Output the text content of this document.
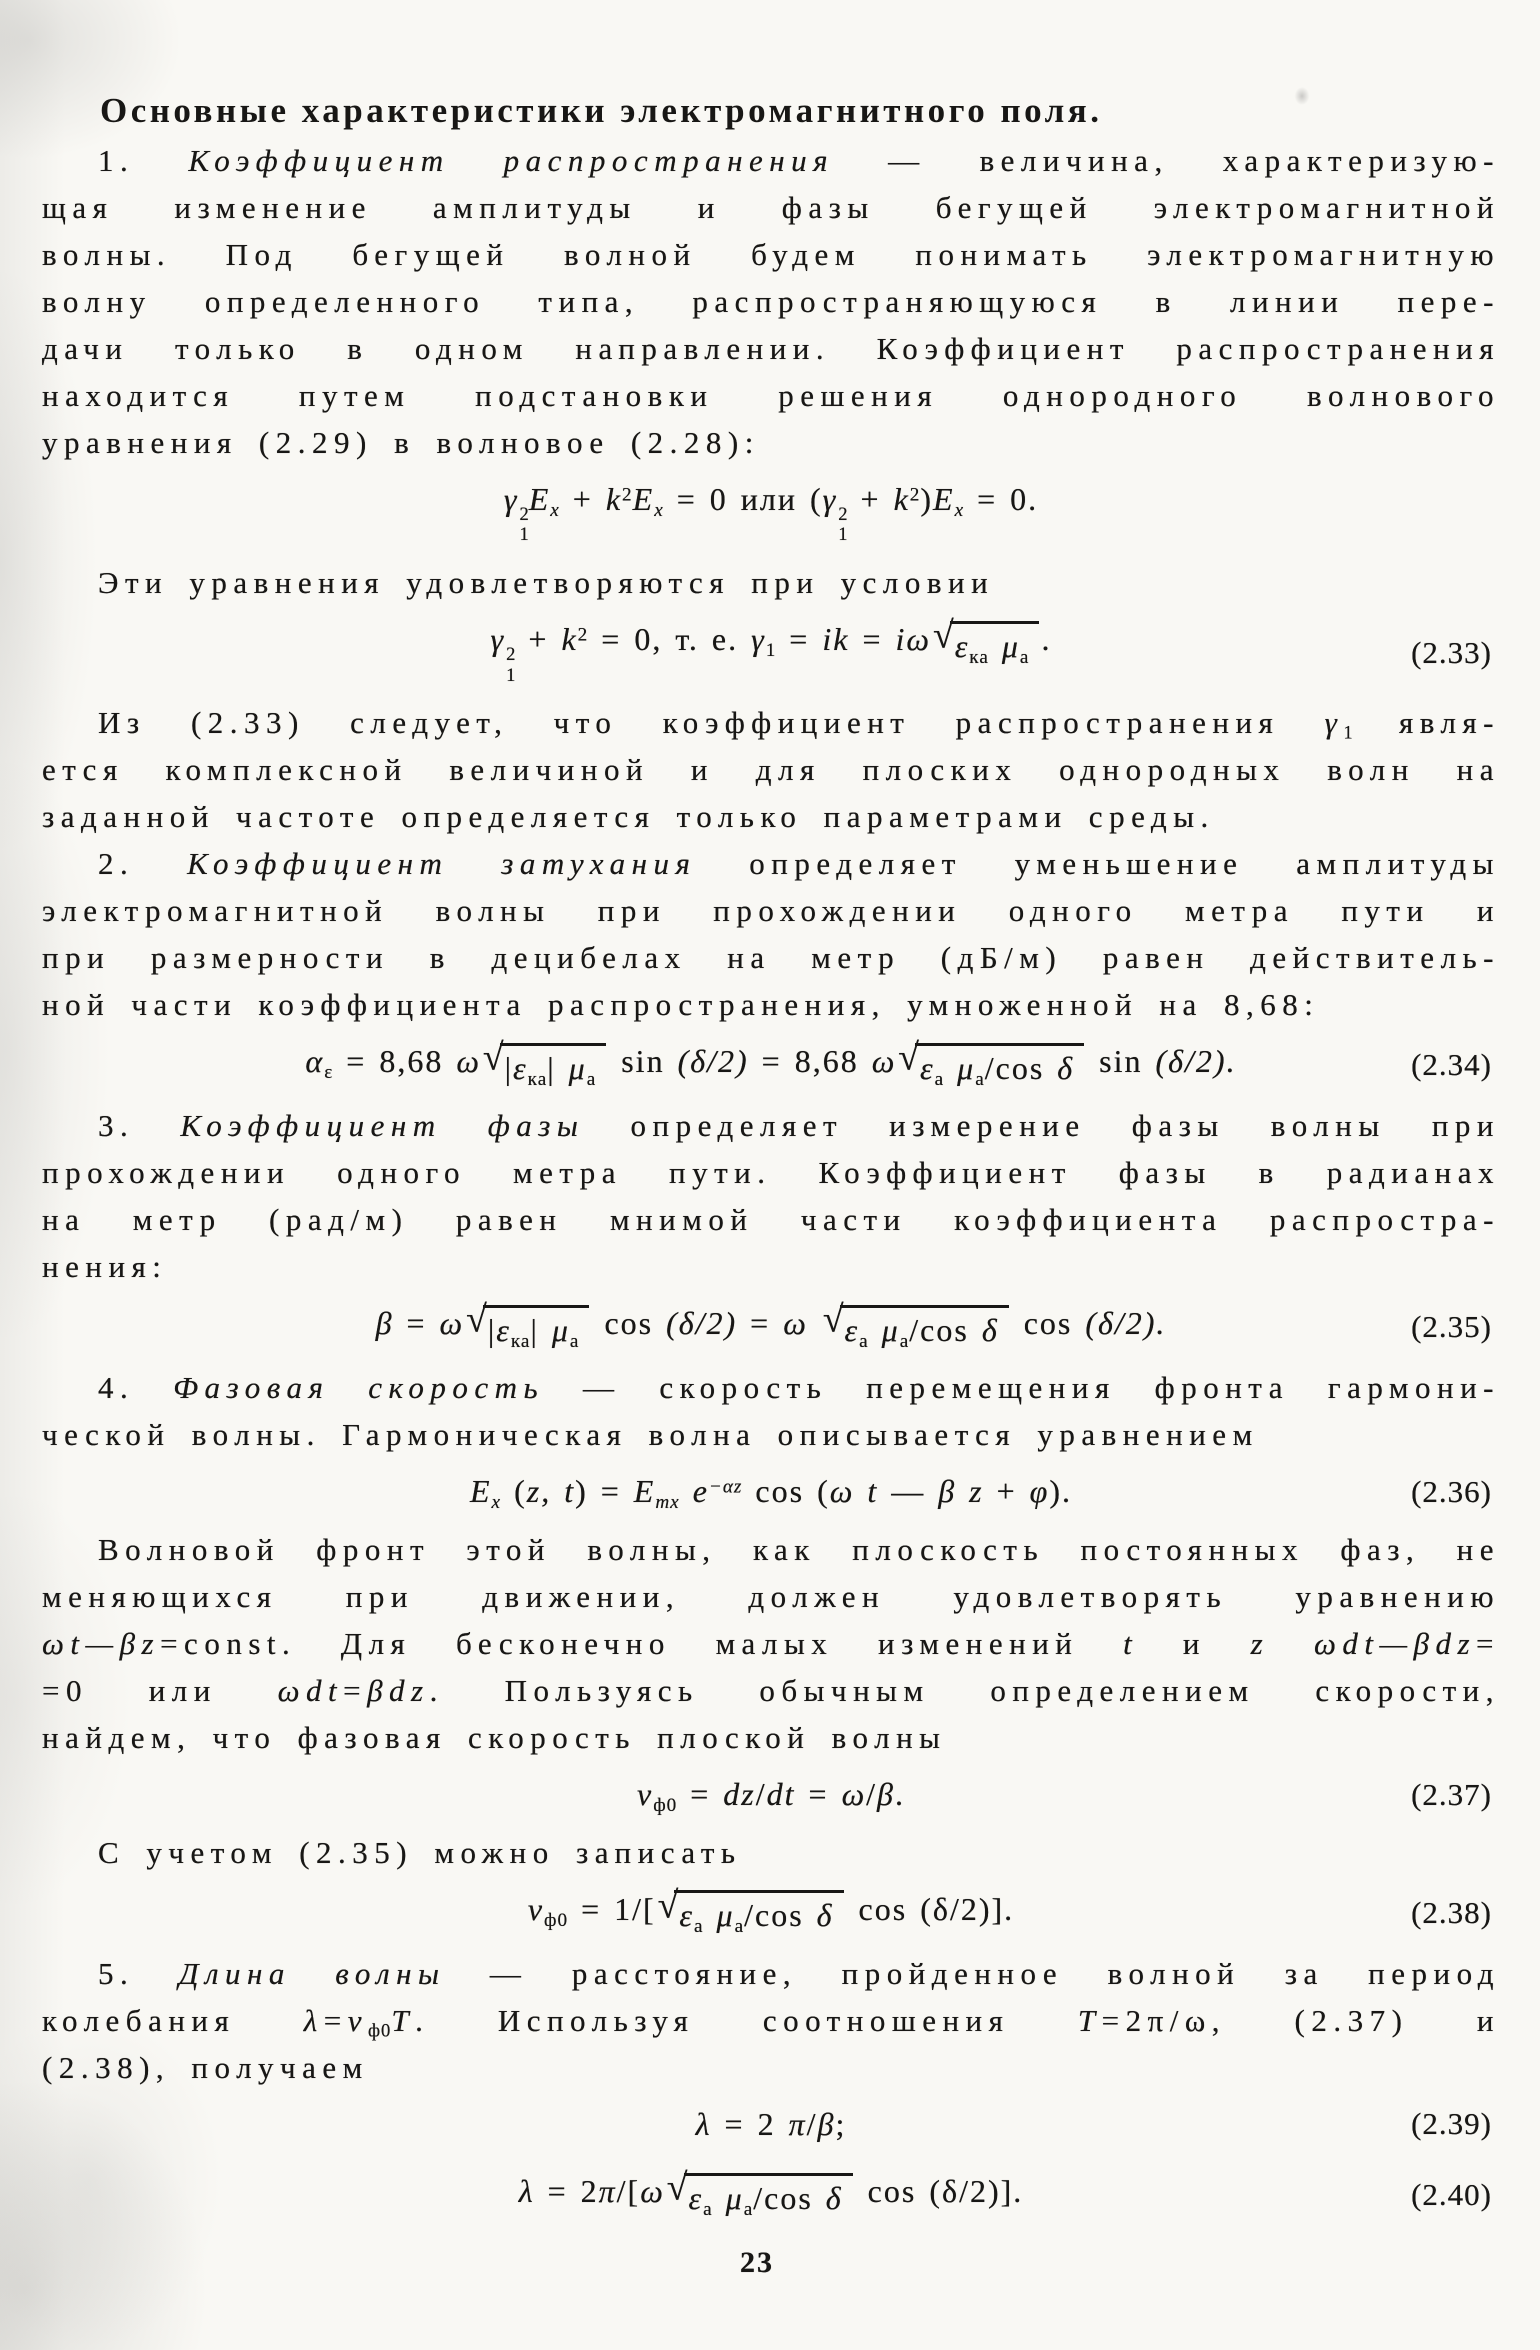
Основные характеристики электромагнитного поля.
1. Коэффициент распространения — величина, характеризую-
щая изменение амплитуды и фазы бегущей электромагнитной
волны. Под бегущей волной будем понимать электромагнитную
волну определенного типа, распространяющуюся в линии пере-
дачи только в одном направлении. Коэффициент распространения
находится путем подстановки решения однородного волнового
уравнения (2.29) в волновое (2.28):
γ 2
1
$E_x + k^2E_x = 0$ или (γ 2
1
+ $k^2)E_x = 0$.
Эти уравнения удовлетворяются при условии
γ 2
1
+ $k^2 = 0$, т. е. $\gamma_1$ = ik = iω √ $\varepsilon_{ка}$ $\mu_а$ .	(2.33)
Из (2.33) следует, что коэффициент распространения $\gamma_1$ явля-
ется комплексной величиной и для плоских однородных волн на
заданной частоте определяется только параметрами среды.
2. Коэффициент затухания определяет уменьшение амплитуды
электромагнитной волны при прохождении одного метра пути и
при размерности в децибелах на метр (дБ/м) равен действитель-
ной части коэффициента распространения, умноженной на 8,68:
$\alpha_\varepsilon = 8,68$ ω √ $|\varepsilon_{ка}|$ $\mu_а$ sin (δ/2) = 8,68 ω √ $\varepsilon_а$ $\mu_а/\cos$ δ sin (δ/2).	(2.34)
3. Коэффициент фазы определяет измерение фазы волны при
прохождении одного метра пути. Коэффициент фазы в радианах
на метр (рад/м) равен мнимой части коэффициента распростра-
нения:
β = ω √ $|\varepsilon_{ка}|$ $\mu_а$ cos (δ/2) = ω √ $\varepsilon_а$ $\mu_а/\cos$ δ cos (δ/2).	(2.35)
4. Фазовая скорость — скорость перемещения фронта гармони-
ческой волны. Гармоническая волна описывается уравнением
$E_x$ (z, $t) = E_{mx}$ $e^{-\alpha z}$ cos (ω t — β z + φ).	(2.36)
Волновой фронт этой волны, как плоскость постоянных фаз, не
меняющихся при движении, должен удовлетворять уравнению
ωt—βz=const. Для бесконечно малых изменений t и z ωdt—βdz=
=0 или ωdt=βdz. Пользуясь обычным определением скорости,
найдем, что фазовая скорость плоской волны
$v_{ф0} = dz/dt = \omega/\beta$.	(2.37)
С учетом (2.35) можно записать
$v_{ф0} = 1/$[ √ $\varepsilon_а$ $\mu_а/\cos$ δ cos (δ/2)].	(2.38)
5. Длина волны — расстояние, пройденное волной за период
колебания $\lambda=v_{ф0}T$. Используя соотношения T=2π/ω, (2.37) и
(2.38), получаем
λ = 2 π/β;	(2.39)
λ = 2π/[ω √ $\varepsilon_а$ $\mu_а/\cos$ δ cos (δ/2)].	(2.40)
23
